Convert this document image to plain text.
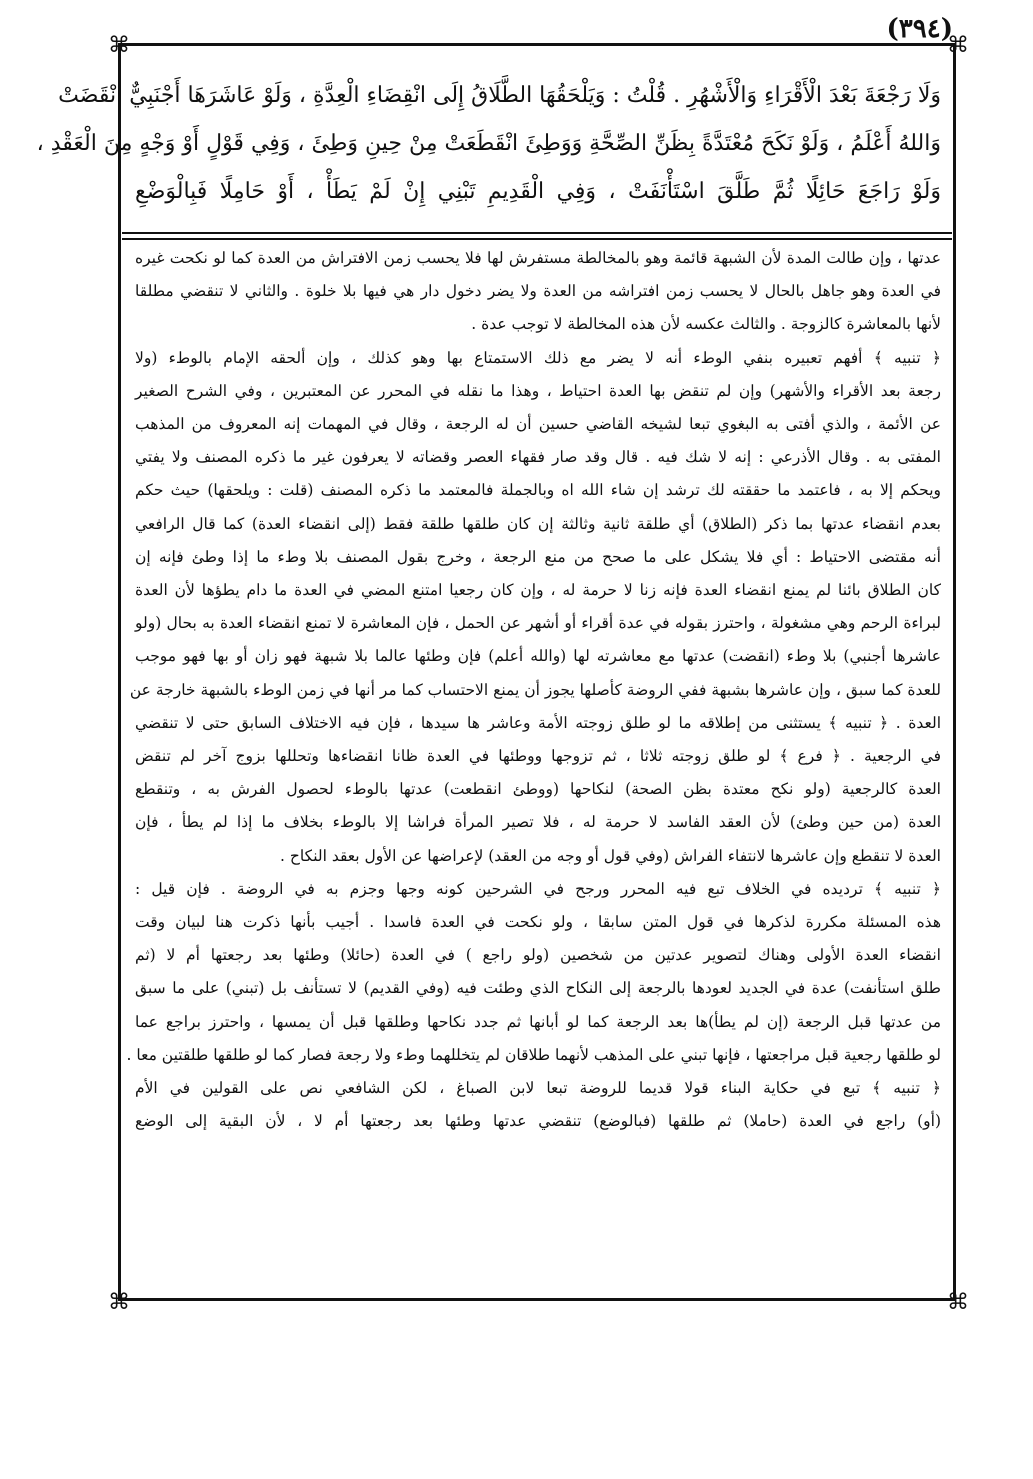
(٣٩٤)
⌘	⌘
⌘	⌘
وَلَا رَجْعَةَ بَعْدَ الْأَقْرَاءِ وَالْأَشْهُرِ . قُلْتُ : وَيَلْحَقُهَا الطَّلَاقُ إِلَى انْقِضَاءِ الْعِدَّةِ ، وَلَوْ عَاشَرَهَا أَجْنَبِيٌّ انْقَضَتْ
وَاللهُ أَعْلَمُ ، وَلَوْ نَكَحَ مُعْتَدَّةً بِظَنِّ الصِّحَّةِ وَوَطِئَ انْقَطَعَتْ مِنْ حِينِ وَطِئَ ، وَفِي قَوْلٍ أَوْ وَجْهٍ مِنَ الْعَقْدِ ،
وَلَوْ رَاجَعَ حَائِلًا ثُمَّ طَلَّقَ اسْتَأْنَفَتْ ، وَفِي الْقَدِيمِ تَبْنِي إِنْ لَمْ يَطَأْ ، أَوْ حَامِلًا فَبِالْوَضْعِ
عدتها ، وإن طالت المدة لأن الشبهة قائمة وهو بالمخالطة مستفرش لها فلا يحسب زمن الافتراش من العدة كما لو نكحت غيره
في العدة وهو جاهل بالحال لا يحسب زمن افتراشه من العدة ولا يضر دخول دار هي فيها بلا خلوة . والثاني لا تنقضي مطلقا
لأنها بالمعاشرة كالزوجة . والثالث عكسه لأن هذه المخالطة لا توجب عدة .
﴿ تنبيه ﴾ أفهم تعبيره بنفي الوطء أنه لا يضر مع ذلك الاستمتاع بها وهو كذلك ، وإن ألحقه الإمام بالوطء (ولا
رجعة بعد الأقراء والأشهر) وإن لم تنقض بها العدة احتياط ، وهذا ما نقله في المحرر عن المعتبرين ، وفي الشرح الصغير
عن الأئمة ، والذي أفتى به البغوي تبعا لشيخه القاضي حسين أن له الرجعة ، وقال في المهمات إنه المعروف من المذهب
المفتى به . وقال الأذرعي : إنه لا شك فيه . قال وقد صار فقهاء العصر وقضاته لا يعرفون غير ما ذكره المصنف ولا يفتي
ويحكم إلا به ، فاعتمد ما حققته لك ترشد إن شاء الله اه وبالجملة فالمعتمد ما ذكره المصنف (قلت : ويلحقها) حيث حكم
بعدم انقضاء عدتها بما ذكر (الطلاق) أي طلقة ثانية وثالثة إن كان طلقها طلقة فقط (إلى انقضاء العدة) كما قال الرافعي
أنه مقتضى الاحتياط : أي فلا يشكل على ما صحح من منع الرجعة ، وخرج بقول المصنف بلا وطء ما إذا وطئ فإنه إن
كان الطلاق بائنا لم يمنع انقضاء العدة فإنه زنا لا حرمة له ، وإن كان رجعيا امتنع المضي في العدة ما دام يطؤها لأن العدة
لبراءة الرحم وهي مشغولة ، واحترز بقوله في عدة أقراء أو أشهر عن الحمل ، فإن المعاشرة لا تمنع انقضاء العدة به بحال (ولو
عاشرها أجنبي) بلا وطء (انقضت) عدتها مع معاشرته لها (والله أعلم) فإن وطئها عالما بلا شبهة فهو زان أو بها فهو موجب
للعدة كما سبق ، وإن عاشرها بشبهة ففي الروضة كأصلها يجوز أن يمنع الاحتساب كما مر أنها في زمن الوطء بالشبهة خارجة عن
العدة . ﴿ تنبيه ﴾ يستثنى من إطلاقه ما لو طلق زوجته الأمة وعاشر ها سيدها ، فإن فيه الاختلاف السابق حتى لا تنقضي
في الرجعية . ﴿ فرع ﴾ لو طلق زوجته ثلاثا ، ثم تزوجها ووطئها في العدة ظانا انقضاءها وتحللها بزوج آخر لم تنقض
العدة كالرجعية (ولو نكح معتدة بظن الصحة) لنكاحها (ووطئ انقطعت) عدتها بالوطء لحصول الفرش به ، وتنقطع
العدة (من حين وطئ) لأن العقد الفاسد لا حرمة له ، فلا تصير المرأة فراشا إلا بالوطء بخلاف ما إذا لم يطأ ، فإن
العدة لا تنقطع وإن عاشرها لانتفاء الفراش (وفي قول أو وجه من العقد) لإعراضها عن الأول بعقد النكاح .
﴿ تنبيه ﴾ ترديده في الخلاف تبع فيه المحرر ورجح في الشرحين كونه وجها وجزم به في الروضة . فإن قيل :
هذه المسئلة مكررة لذكرها في قول المتن سابقا ، ولو نكحت في العدة فاسدا . أجيب بأنها ذكرت هنا لبيان وقت
انقضاء العدة الأولى وهناك لتصوير عدتين من شخصين (ولو راجع ) في العدة (حائلا) وطئها بعد رجعتها أم لا (ثم
طلق استأنفت) عدة في الجديد لعودها بالرجعة إلى النكاح الذي وطئت فيه (وفي القديم) لا تستأنف بل (تبني) على ما سبق
من عدتها قبل الرجعة (إن لم يطأ)ها بعد الرجعة كما لو أبانها ثم جدد نكاحها وطلقها قبل أن يمسها ، واحترز براجع عما
لو طلقها رجعية قبل مراجعتها ، فإنها تبني على المذهب لأنهما طلاقان لم يتخللهما وطء ولا رجعة فصار كما لو طلقها طلقتين معا .
﴿ تنبيه ﴾ تبع في حكاية البناء قولا قديما للروضة تبعا لابن الصباغ ، لكن الشافعي نص على القولين في الأم
(أو) راجع في العدة (حاملا) ثم طلقها (فبالوضع) تنقضي عدتها وطئها بعد رجعتها أم لا ، لأن البقية إلى الوضع
